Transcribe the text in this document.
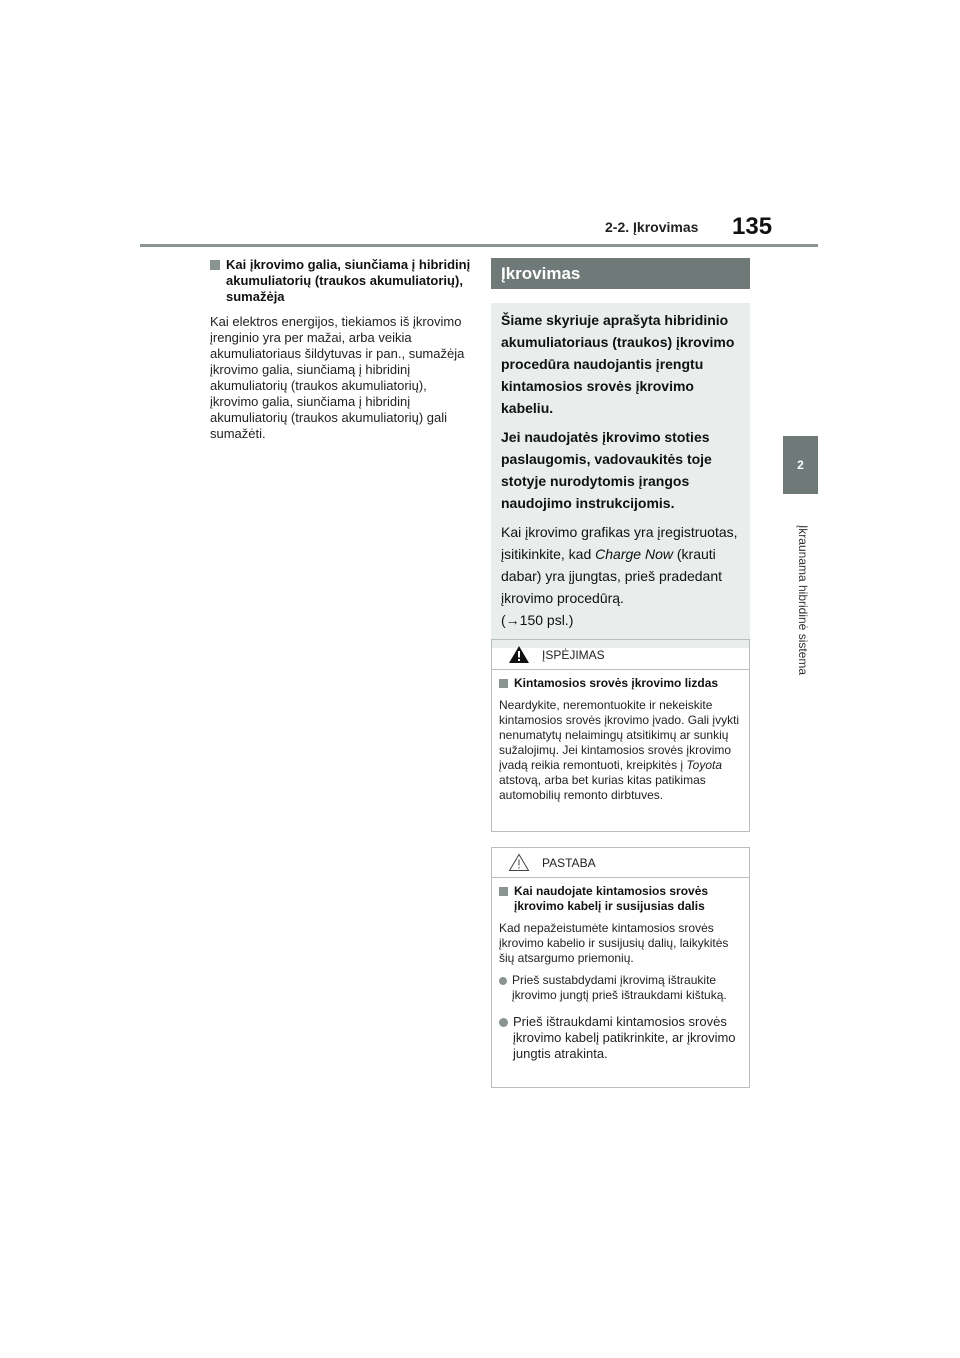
2-2. Įkrovimas 135
2
Įkraunama hibridinė sistema
Kai įkrovimo galia, siunčiama į hibridinį akumuliatorių (traukos akumuliatorių), sumažėja
Kai elektros energijos, tiekiamos iš įkrovimo įrenginio yra per mažai, arba veikia akumuliatoriaus šildytuvas ir pan., sumažėja įkrovimo galia, siunčiamą į hibridinį akumuliatorių (traukos akumuliatorių), įkrovimo galia, siunčiama į hibridinį akumuliatorių (traukos akumuliatorių) gali sumažėti.
Įkrovimas

Šiame skyriuje aprašyta hibridinio akumuliatoriaus (traukos) įkrovimo procedūra naudojantis įrengtu kintamosios srovės įkrovimo kabeliu.

Jei naudojatės įkrovimo stoties paslaugomis, vadovaukitės toje stotyje nurodytomis įrangos naudojimo instrukcijomis.

Kai įkrovimo grafikas yra įregistruotas, įsitikinkite, kad Charge Now (krauti dabar) yra įjungtas, prieš pradedant įkrovimo procedūrą.
(→150 psl.)

ĮSPĖJIMAS
Kintamosios srovės įkrovimo lizdas

Neardykite, neremontuokite ir nekeiskite kintamosios srovės įkrovimo įvado. Gali įvykti nenumatytų nelaimingų atsitikimų ar sunkių sužalojimų. Jei kintamosios srovės įkrovimo įvadą reikia remontuoti, kreipkitės į Toyota atstovą, arba bet kurias kitas patikimas automobilių remonto dirbtuves.

PASTABA
Kai naudojate kintamosios srovės įkrovimo kabelį ir susijusias dalis

Kad nepažeistumėte kintamosios srovės įkrovimo kabelio ir susijusių dalių, laikykitės šių atsargumo priemonių.

Prieš sustabdydami įkrovimą ištraukite įkrovimo jungtį prieš ištraukdami kištuką.
Prieš ištraukdami kintamosios srovės įkrovimo kabelį patikrinkite, ar įkrovimo jungtis atrakinta.
